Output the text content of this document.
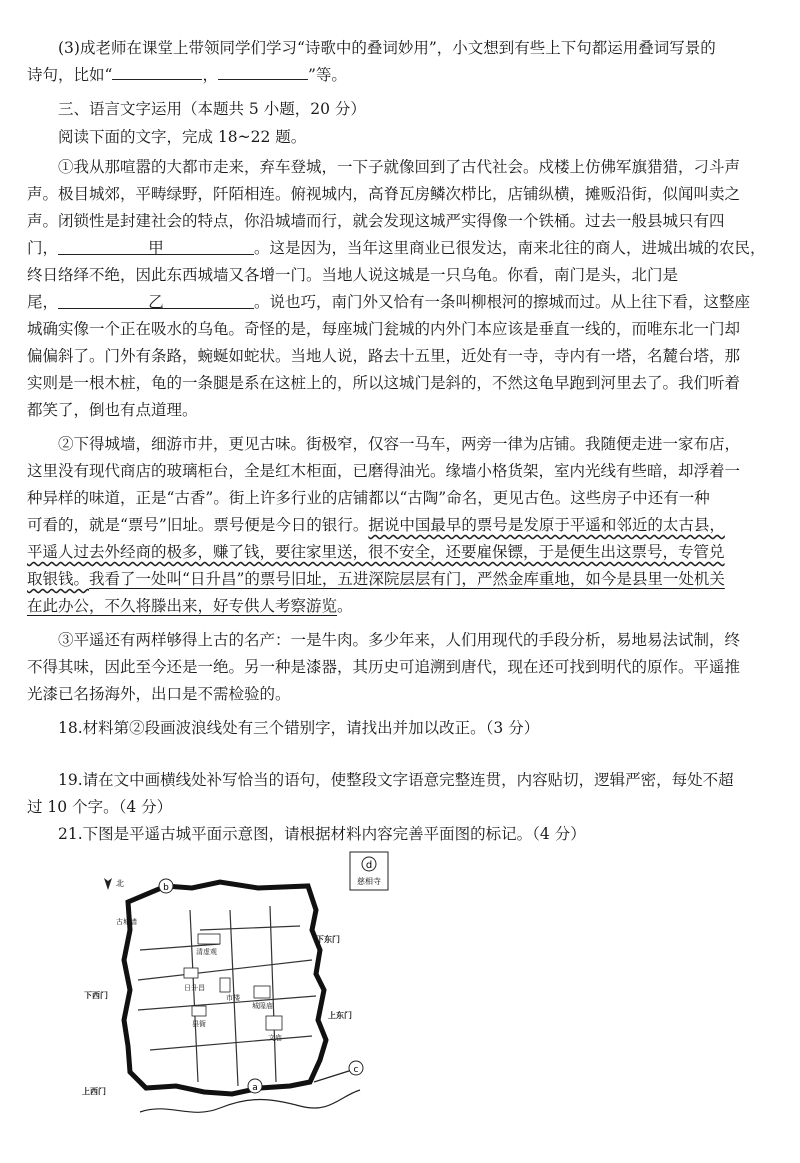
(3)成老师在课堂上带领同学们学习“诗歌中的叠词妙用”，小文想到有些上下句都运用叠词写景的
诗句，比如“	，	”等。
三、语言文字运用（本题共 5 小题，20 分）
阅读下面的文字，完成 18~22 题。
①我从那喧嚣的大都市走来，弃车登城，一下子就像回到了古代社会。戍楼上仿佛军旗猎猎，刁斗声
声。极目城郊，平畴绿野，阡陌相连。俯视城内，高脊瓦房鳞次栉比，店铺纵横，摊贩沿街，似闻叫卖之
声。闭锁性是封建社会的特点，你沿城墙而行，就会发现这城严实得像一个铁桶。过去一般县城只有四
门，	甲	。这是因为，当年这里商业已很发达，南来北往的商人，进城出城的农民，
终日络绎不绝，因此东西城墙又各增一门。当地人说这城是一只乌龟。你看，南门是头，北门是
尾，	乙	。说也巧，南门外又恰有一条叫柳根河的擦城而过。从上往下看，这整座
城确实像一个正在吸水的乌龟。奇怪的是，每座城门瓮城的内外门本应该是垂直一线的，而唯东北一门却
偏偏斜了。门外有条路，蜿蜒如蛇状。当地人说，路去十五里，近处有一寺，寺内有一塔，名麓台塔，那
实则是一根木桩，龟的一条腿是系在这桩上的，所以这城门是斜的，不然这龟早跑到河里去了。我们听着
都笑了，倒也有点道理。
②下得城墙，细游市井，更见古味。街极窄，仅容一马车，两旁一律为店铺。我随便走进一家布店，
这里没有现代商店的玻璃柜台，全是红木柜面，已磨得油光。缘墙小格货架，室内光线有些暗，却浮着一
种异样的味道，正是“古香”。街上许多行业的店铺都以“古陶”命名，更见古色。这些房子中还有一种
可看的，就是“票号”旧址。票号便是今日的银行。据说中国最早的票号是发原于平遥和邻近的太古县，
平遥人过去外经商的极多，赚了钱，要往家里送，很不安全，还要雇保镖，于是便生出这票号，专管兑
取银钱。我看了一处叫“日升昌”的票号旧址，五进深院层层有门，严然金库重地，如今是县里一处机关
在此办公，不久将滕出来，好专供人考察游览。
③平遥还有两样够得上古的名产：一是牛肉。多少年来，人们用现代的手段分析，易地易法试制，终
不得其味，因此至今还是一绝。另一种是漆器，其历史可追溯到唐代，现在还可找到明代的原作。平遥推
光漆已名扬海外，出口是不需检验的。
18.材料第②段画波浪线处有三个错别字，请找出并加以改正。（3 分）
19.请在文中画横线处补写恰当的语句，使整段文字语意完整连贯，内容贴切，逻辑严密，每处不超
过 10 个字。（4 分）
21.下图是平遥古城平面示意图，请根据材料内容完善平面图的标记。（4 分）
d
慈相寺
北	b
古城墙
清虚观
日升昌
市楼
城隍庙
县衙
文庙
下东门
上东门
下西门
上西门	a
c
